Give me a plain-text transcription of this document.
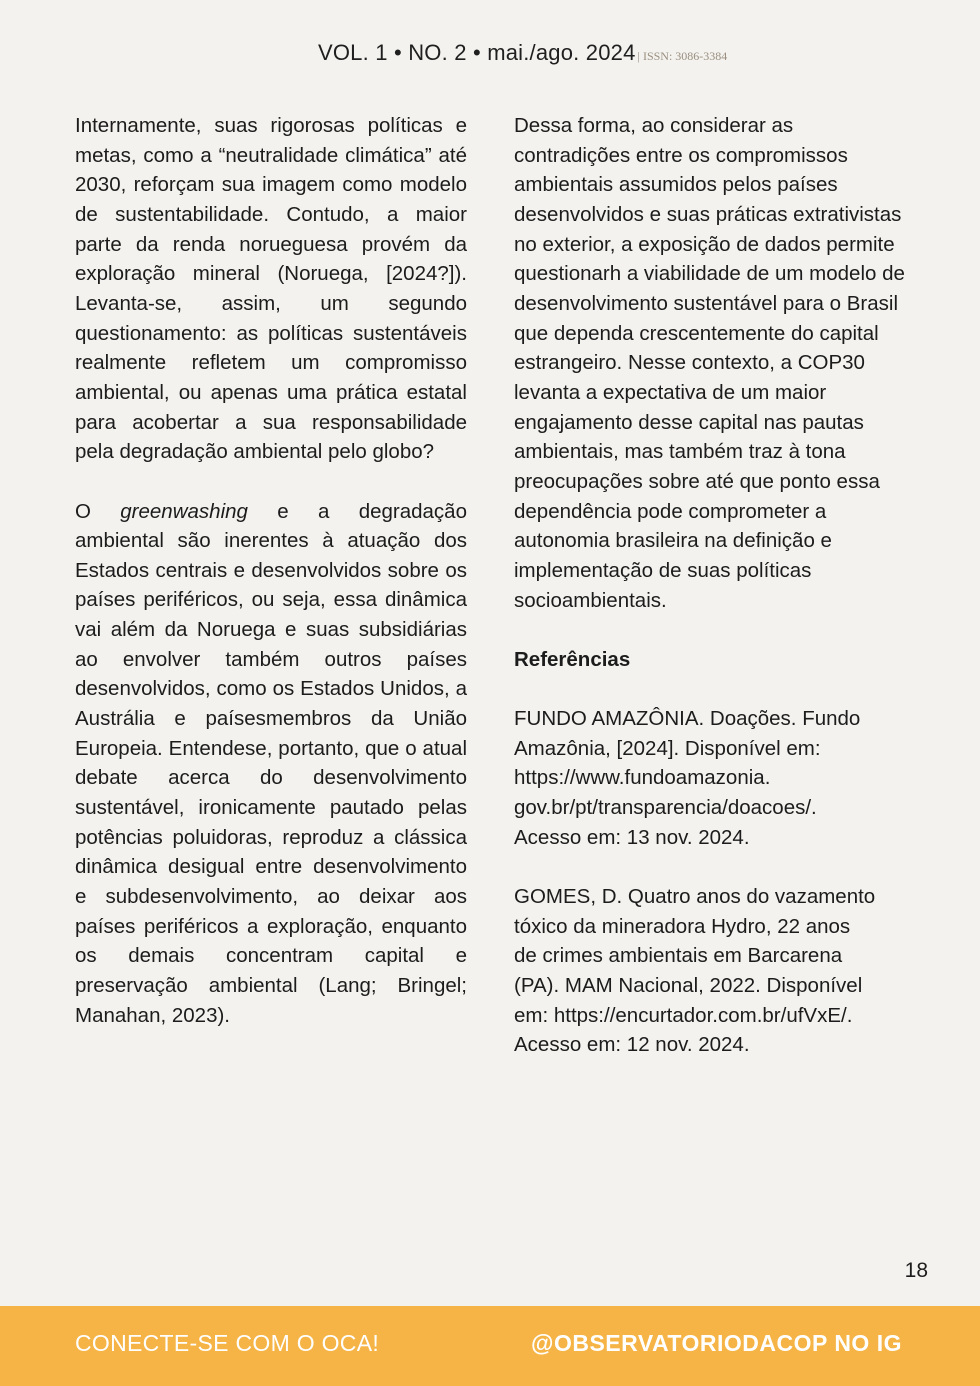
VOL. 1 • NO. 2 • mai./ago. 2024 | ISSN: 3086-3384

Internamente, suas rigorosas políticas e metas, como a “neutralidade climática” até 2030, reforçam sua imagem como modelo de sustentabilidade. Contudo, a maior parte da renda norueguesa provém da exploração mineral (Noruega, [2024?]). Levanta-se, assim, um segundo questionamento: as políticas sustentáveis realmente refletem um compromisso ambiental, ou apenas uma prática estatal para acobertar a sua responsabilidade pela degradação ambiental pelo globo?

O greenwashing e a degradação ambiental são inerentes à atuação dos Estados centrais e desenvolvidos sobre os países periféricos, ou seja, essa dinâmica vai além da Noruega e suas subsidiárias ao envolver também outros países desenvolvidos, como os Estados Unidos, a Austrália e paísesmembros da União Europeia. Entendese, portanto, que o atual debate acerca do desenvolvimento sustentável, ironicamente pautado pelas potências poluidoras, reproduz a clássica dinâmica desigual entre desenvolvimento e subdesenvolvimento, ao deixar aos países periféricos a exploração, enquanto os demais concentram capital e preservação ambiental (Lang; Bringel; Manahan, 2023).

Dessa forma, ao considerar as contradições entre os compromissos ambientais assumidos pelos países desenvolvidos e suas práticas extrativistas no exterior, a exposição de dados permite questionarh a viabilidade de um modelo de desenvolvimento sustentável para o Brasil que dependa crescentemente do capital estrangeiro. Nesse contexto, a COP30 levanta a expectativa de um maior engajamento desse capital nas pautas ambientais, mas também traz à tona preocupações sobre até que ponto essa dependência pode comprometer a autonomia brasileira na definição e implementação de suas políticas socioambientais.

Referências

FUNDO AMAZÔNIA. Doações. Fundo
Amazônia, [2024]. Disponível em:
https://www.fundoamazonia.
gov.br/pt/transparencia/doacoes/.
Acesso em: 13 nov. 2024.

GOMES, D. Quatro anos do vazamento
tóxico da mineradora Hydro, 22 anos
de crimes ambientais em Barcarena
(PA). MAM Nacional, 2022. Disponível
em: https://encurtador.com.br/ufVxE/.
Acesso em: 12 nov. 2024.

18
CONECTE-SE COM O OCA!	@OBSERVATORIODACOP NO IG
